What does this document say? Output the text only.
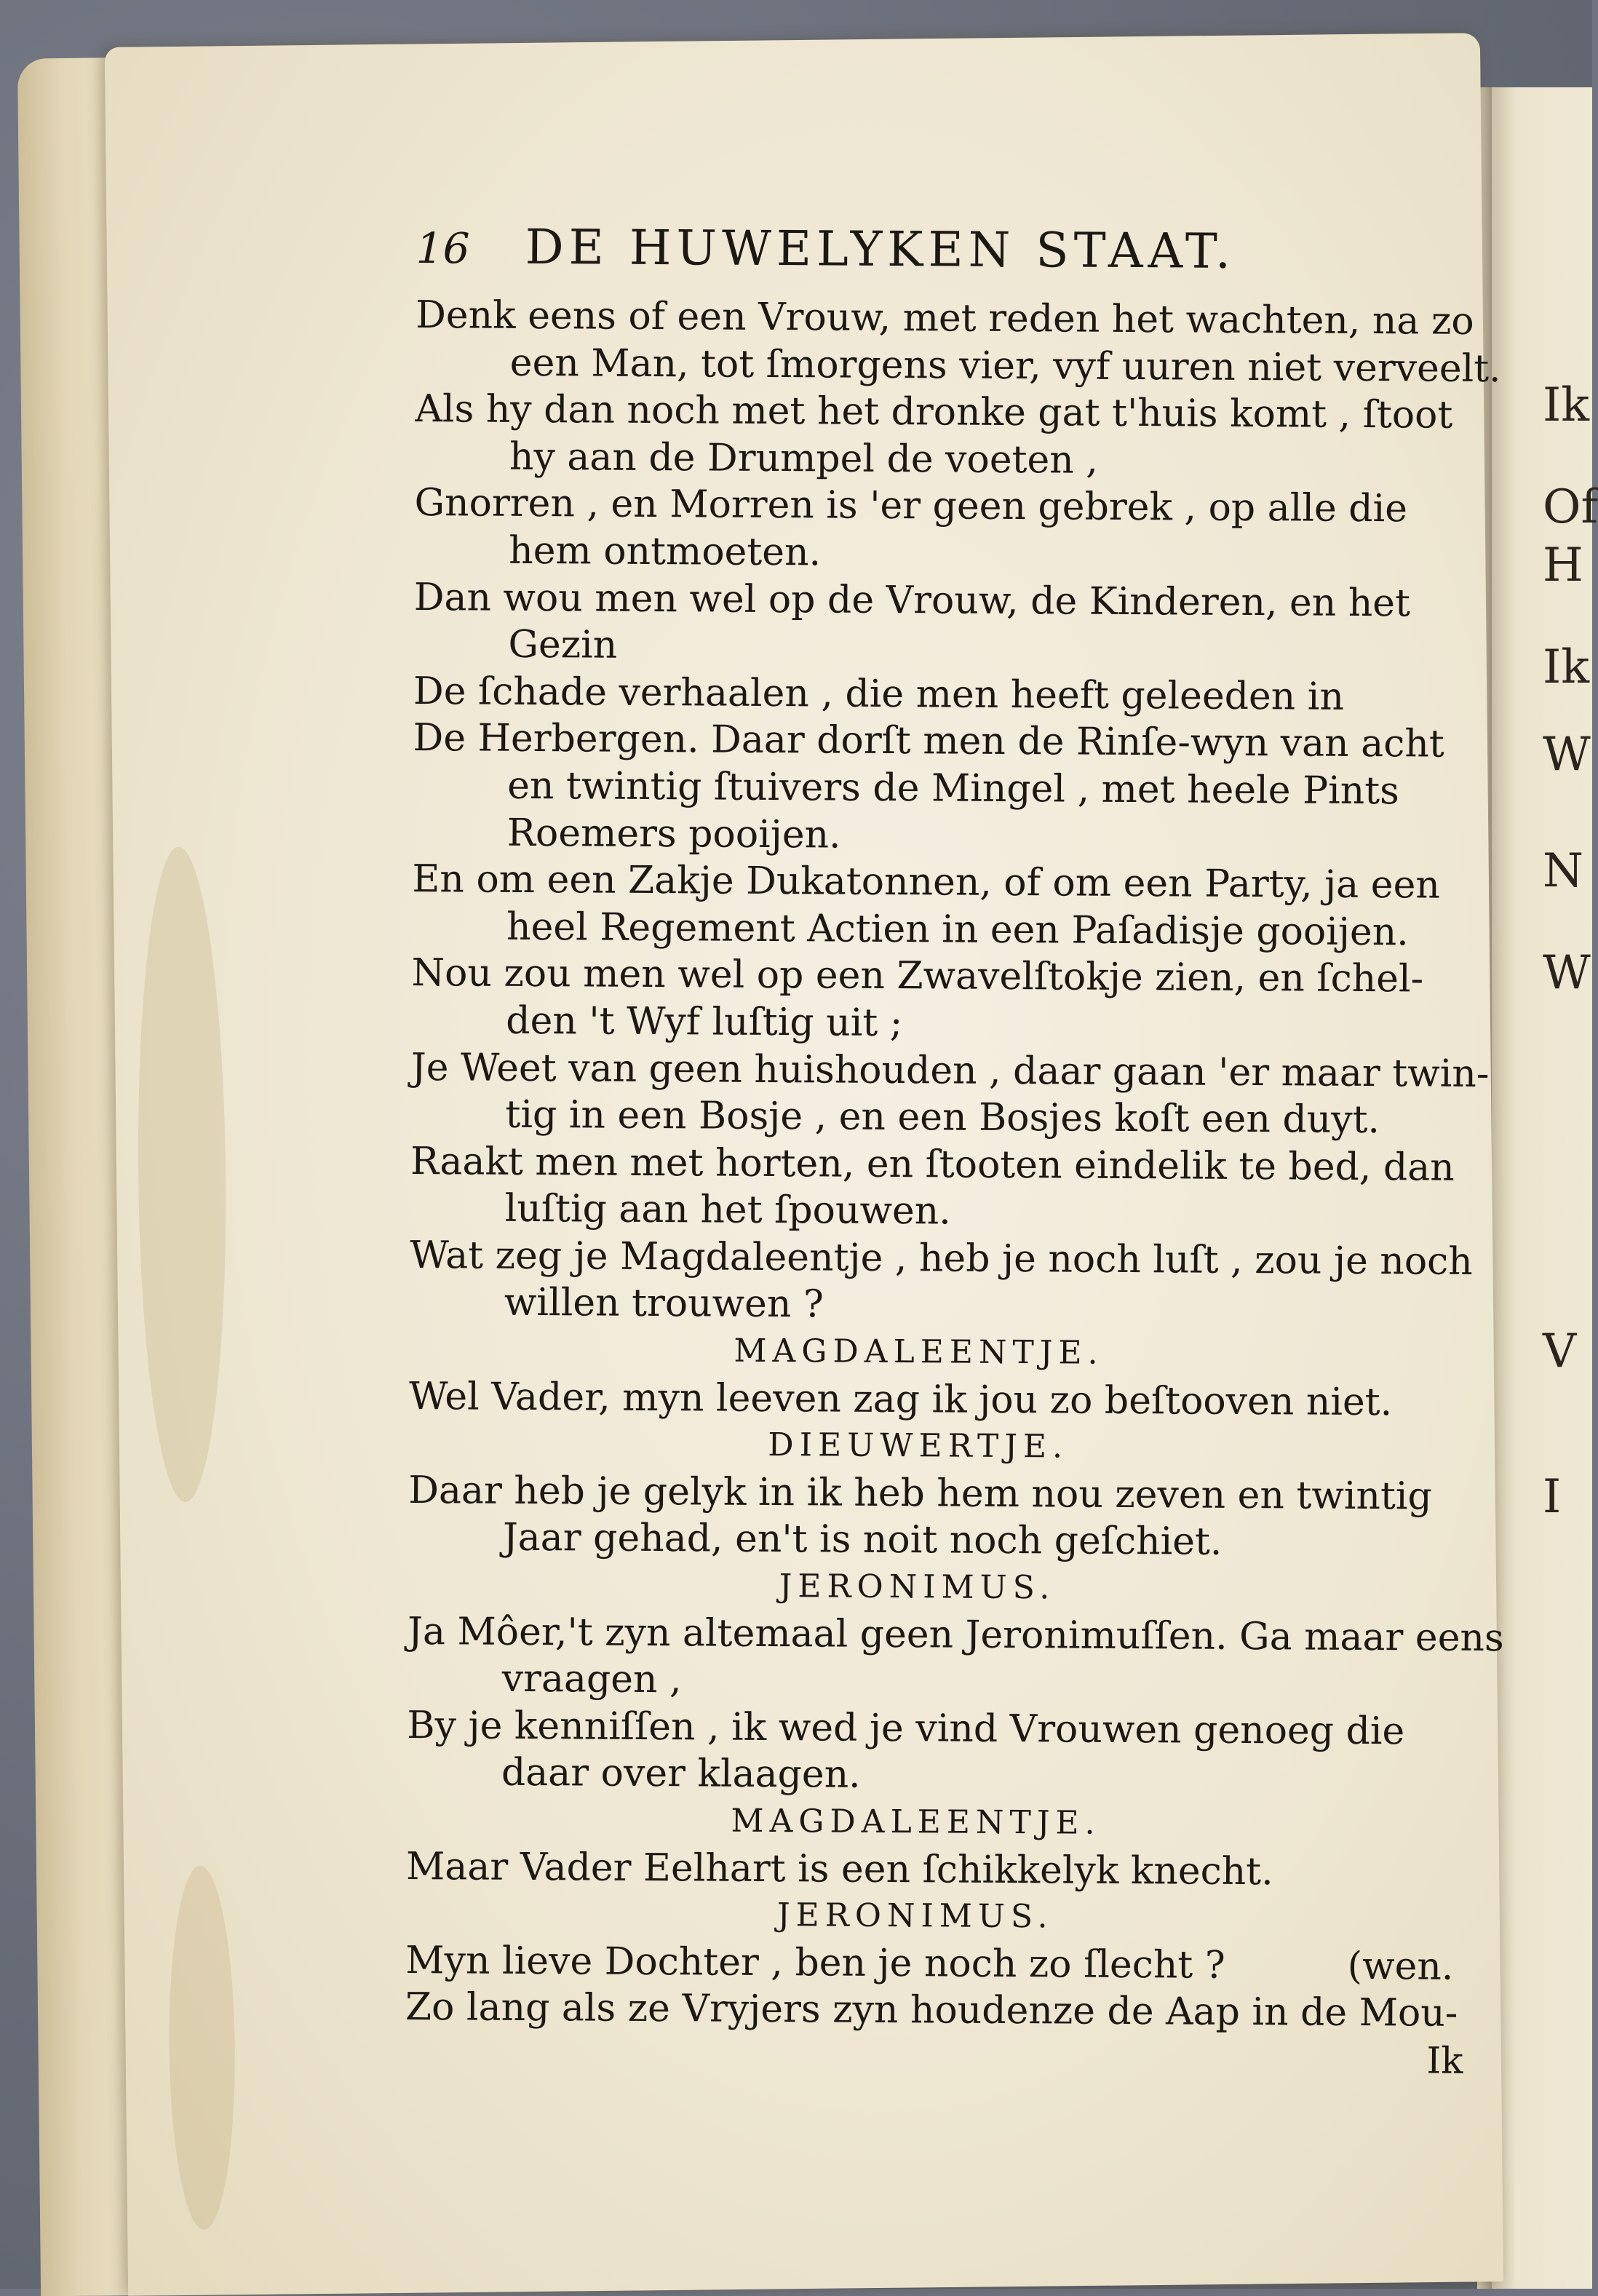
Ik
Of
H
Ik
W
N
W
V
I
16	DE HUWELYKEN STAAT.
Denk eens of een Vrouw, met reden het wachten, na zo
een Man, tot ſmorgens vier, vyf uuren niet verveelt.
Als hy dan noch met het dronke gat t'huis komt , ſtoot
hy aan de Drumpel de voeten ,
Gnorren , en Morren is 'er geen gebrek , op alle die
hem ontmoeten.
Dan wou men wel op de Vrouw, de Kinderen, en het
Gezin
De ſchade verhaalen , die men heeft geleeden in
De Herbergen. Daar dorſt men de Rinſe-wyn van acht
en twintig ſtuivers de Mingel , met heele Pints
Roemers pooijen.
En om een Zakje Dukatonnen, of om een Party, ja een
heel Regement Actien in een Paſadisje gooijen.
Nou zou men wel op een Zwavelſtokje zien, en ſchel-
den 't Wyf luſtig uit ;
Je Weet van geen huishouden , daar gaan 'er maar twin-
tig in een Bosje , en een Bosjes koſt een duyt.
Raakt men met horten, en ſtooten eindelik te bed, dan
luſtig aan het ſpouwen.
Wat zeg je Magdaleentje , heb je noch luſt , zou je noch
willen trouwen ?
MAGDALEENTJE.
Wel Vader, myn leeven zag ik jou zo beſtooven niet.
DIEUWERTJE.
Daar heb je gelyk in ik heb hem nou zeven en twintig
Jaar gehad, en't is noit noch geſchiet.
JERONIMUS.
Ja Môer,'t zyn altemaal geen Jeronimuſſen. Ga maar eens
vraagen ,
By je kenniſſen , ik wed je vind Vrouwen genoeg die
daar over klaagen.
MAGDALEENTJE.
Maar Vader Eelhart is een ſchikkelyk knecht.
JERONIMUS.
Myn lieve Dochter , ben je noch zo ſlecht ?	(wen.
Zo lang als ze Vryjers zyn houdenze de Aap in de Mou-
Ik
